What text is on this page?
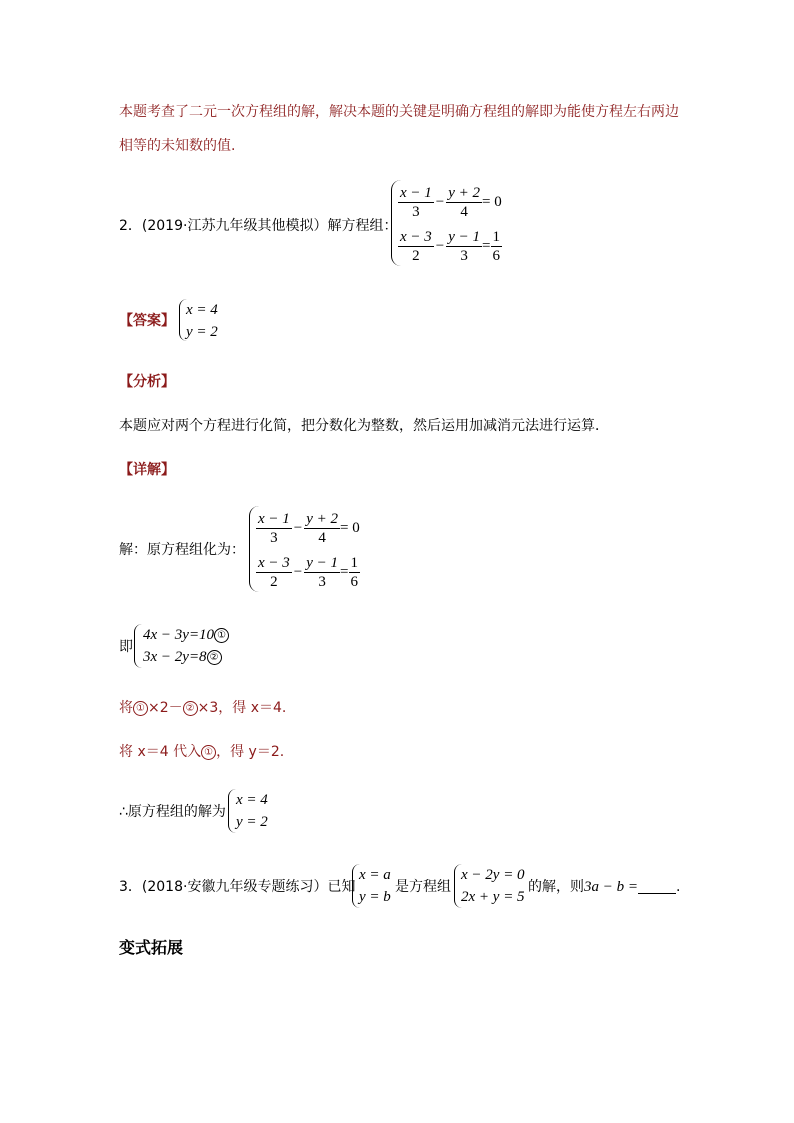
本题考查了二元一次方程组的解，解决本题的关键是明确方程组的解即为能使方程左右两边
相等的未知数的值.
2．(2019·江苏九年级其他模拟）解方程组：
$\frac{x - 1}{3} - \frac{y + 2}{4} = 0$
$\frac{x - 3}{2} - \frac{y - 1}{3} = \frac{1}{6}$
【答案】
x = 4
y = 2
【分析】
本题应对两个方程进行化简，把分数化为整数，然后运用加减消元法进行运算．
【详解】
解：原方程组化为：
$\frac{x - 1}{3} - \frac{y + 2}{4} = 0$
$\frac{x - 3}{2} - \frac{y - 1}{3} = \frac{1}{6}$
即
4x − 3y=10 ①
3x − 2y=8 ②
将 ① ×2－ ② ×3，得 x＝4.
将 x＝4 代入 ① ，得 y＝2.
∴原方程组的解为
x = 4
y = 2
3．(2018·安徽九年级专题练习）已知
x = a
y = b
是方程组
x − 2y = 0
2x + y = 5
的解，则3a − b =	.
变式拓展
